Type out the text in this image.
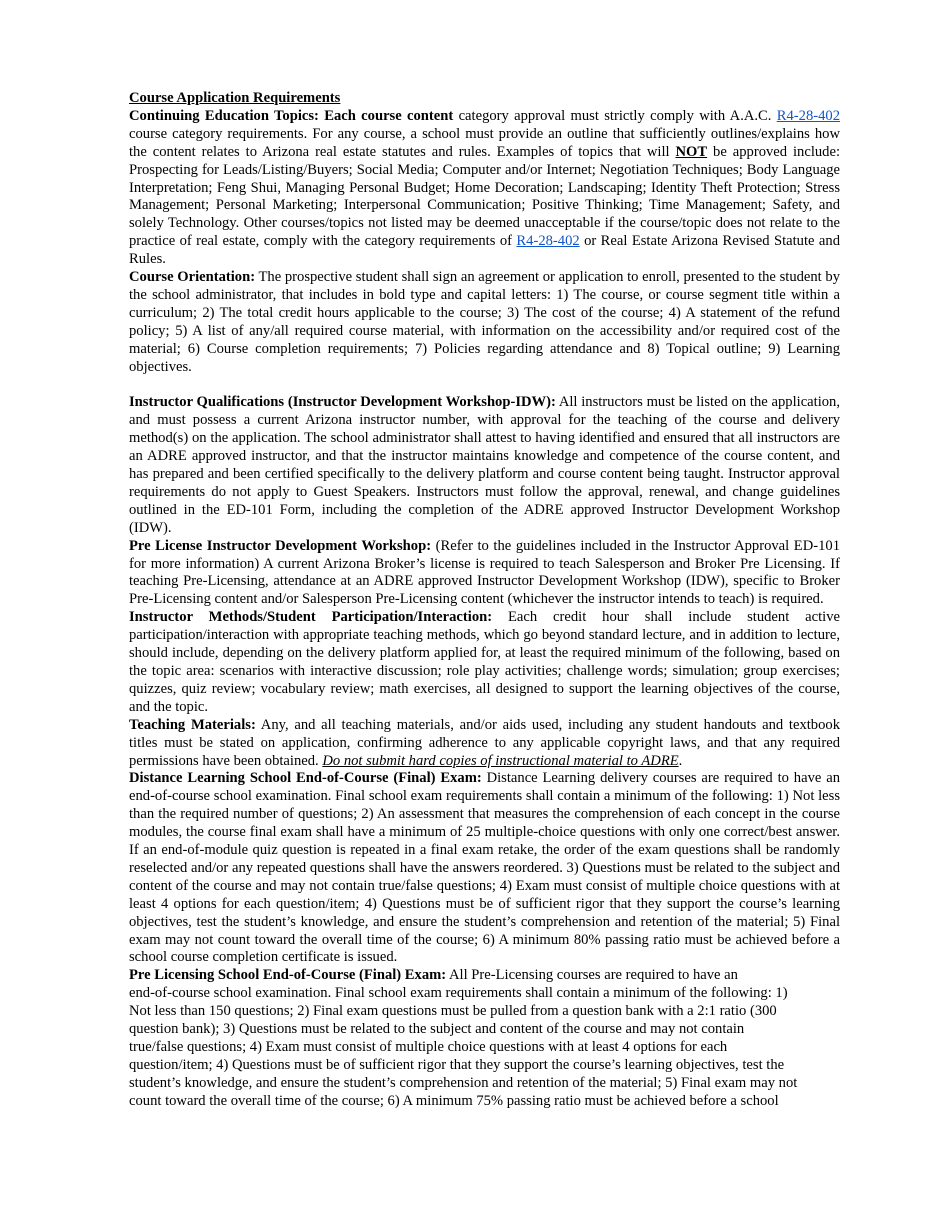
Course Application Requirements

Continuing Education Topics: Each course content category approval must strictly comply with A.A.C. R4-28-402 course category requirements. For any course, a school must provide an outline that sufficiently outlines/explains how the content relates to Arizona real estate statutes and rules. Examples of topics that will NOT be approved include: Prospecting for Leads/Listing/Buyers; Social Media; Computer and/or Internet; Negotiation Techniques; Body Language Interpretation; Feng Shui, Managing Personal Budget; Home Decoration; Landscaping; Identity Theft Protection; Stress Management; Personal Marketing; Interpersonal Communication; Positive Thinking; Time Management; Safety, and solely Technology. Other courses/topics not listed may be deemed unacceptable if the course/topic does not relate to the practice of real estate, comply with the category requirements of R4-28-402 or Real Estate Arizona Revised Statute and Rules.

Course Orientation: The prospective student shall sign an agreement or application to enroll, presented to the student by the school administrator, that includes in bold type and capital letters: 1) The course, or course segment title within a curriculum; 2) The total credit hours applicable to the course; 3) The cost of the course; 4) A statement of the refund policy; 5) A list of any/all required course material, with information on the accessibility and/or required cost of the material; 6) Course completion requirements; 7) Policies regarding attendance and 8) Topical outline; 9) Learning objectives.

Instructor Qualifications (Instructor Development Workshop-IDW): All instructors must be listed on the application, and must possess a current Arizona instructor number, with approval for the teaching of the course and delivery method(s) on the application. The school administrator shall attest to having identified and ensured that all instructors are an ADRE approved instructor, and that the instructor maintains knowledge and competence of the course content, and has prepared and been certified specifically to the delivery platform and course content being taught. Instructor approval requirements do not apply to Guest Speakers. Instructors must follow the approval, renewal, and change guidelines outlined in the ED-101 Form, including the completion of the ADRE approved Instructor Development Workshop (IDW).

Pre License Instructor Development Workshop: (Refer to the guidelines included in the Instructor Approval ED-101 for more information) A current Arizona Broker’s license is required to teach Salesperson and Broker Pre Licensing. If teaching Pre-Licensing, attendance at an ADRE approved Instructor Development Workshop (IDW), specific to Broker Pre-Licensing content and/or Salesperson Pre-Licensing content (whichever the instructor intends to teach) is required.

Instructor Methods/Student Participation/Interaction: Each credit hour shall include student active participation/interaction with appropriate teaching methods, which go beyond standard lecture, and in addition to lecture, should include, depending on the delivery platform applied for, at least the required minimum of the following, based on the topic area: scenarios with interactive discussion; role play activities; challenge words; simulation; group exercises; quizzes, quiz review; vocabulary review; math exercises, all designed to support the learning objectives of the course, and the topic.

Teaching Materials: Any, and all teaching materials, and/or aids used, including any student handouts and textbook titles must be stated on application, confirming adherence to any applicable copyright laws, and that any required permissions have been obtained. Do not submit hard copies of instructional material to ADRE.

Distance Learning School End-of-Course (Final) Exam: Distance Learning delivery courses are required to have an end-of-course school examination. Final school exam requirements shall contain a minimum of the following: 1) Not less than the required number of questions; 2) An assessment that measures the comprehension of each concept in the course modules, the course final exam shall have a minimum of 25 multiple-choice questions with only one correct/best answer. If an end-of-module quiz question is repeated in a final exam retake, the order of the exam questions shall be randomly reselected and/or any repeated questions shall have the answers reordered. 3) Questions must be related to the subject and content of the course and may not contain true/false questions; 4) Exam must consist of multiple choice questions with at least 4 options for each question/item; 4) Questions must be of sufficient rigor that they support the course’s learning objectives, test the student’s knowledge, and ensure the student’s comprehension and retention of the material; 5) Final exam may not count toward the overall time of the course; 6) A minimum 80% passing ratio must be achieved before a school course completion certificate is issued.

Pre Licensing School End-of-Course (Final) Exam: All Pre-Licensing courses are required to have an
end-of-course school examination. Final school exam requirements shall contain a minimum of the following: 1)
Not less than 150 questions; 2) Final exam questions must be pulled from a question bank with a 2:1 ratio (300
question bank); 3) Questions must be related to the subject and content of the course and may not contain
true/false questions; 4) Exam must consist of multiple choice questions with at least 4 options for each
question/item; 4) Questions must be of sufficient rigor that they support the course’s learning objectives, test the
student’s knowledge, and ensure the student’s comprehension and retention of the material; 5) Final exam may not
count toward the overall time of the course; 6) A minimum 75% passing ratio must be achieved before a school
